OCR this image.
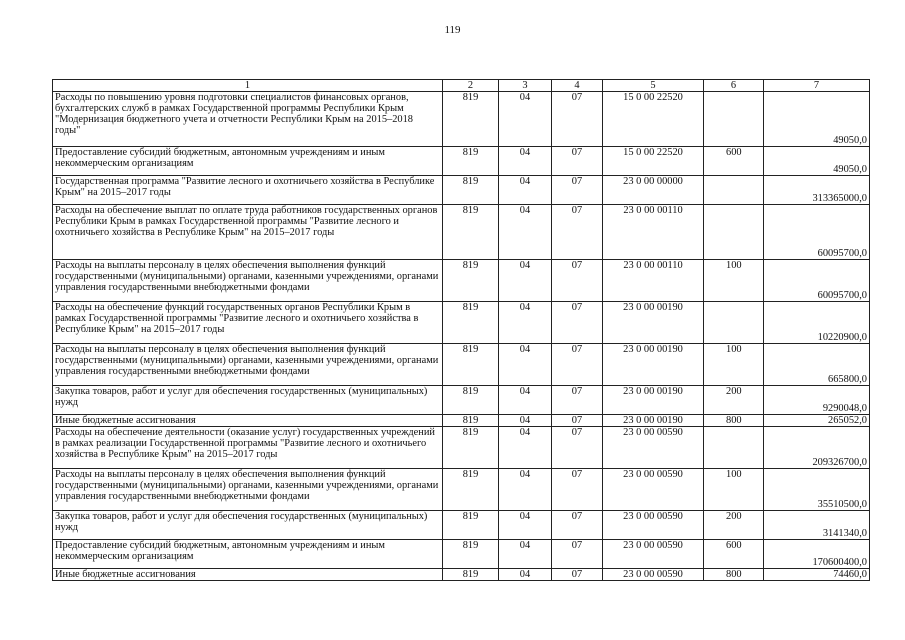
119
1	2	3	4	5	6	7
Расходы по повышению уровня подготовки специалистов финансовых органов, бухгалтерских служб в рамках Государственной программы Республики Крым "Модернизация бюджетного учета и отчетности Республики Крым на 2015–2018 годы"	819	04	07	15 0 00 22520		49050,0
Предоставление субсидий бюджетным, автономным учреждениям и иным некоммерческим организациям	819	04	07	15 0 00 22520	600	49050,0
Государственная программа "Развитие лесного и охотничьего хозяйства в Республике Крым" на 2015–2017 годы	819	04	07	23 0 00 00000		313365000,0
Расходы на обеспечение выплат по оплате труда работников государственных органов Республики Крым в рамках Государственной программы "Развитие лесного и охотничьего хозяйства в Республике Крым" на 2015–2017 годы	819	04	07	23 0 00 00110		60095700,0
Расходы на выплаты персоналу в целях обеспечения выполнения функций государственными (муниципальными) органами, казенными учреждениями, органами управления государственными внебюджетными фондами	819	04	07	23 0 00 00110	100	60095700,0
Расходы на обеспечение функций государственных органов Республики Крым в рамках Государственной программы "Развитие лесного и охотничьего хозяйства в Республике Крым" на 2015–2017 годы	819	04	07	23 0 00 00190		10220900,0
Расходы на выплаты персоналу в целях обеспечения выполнения функций государственными (муниципальными) органами, казенными учреждениями, органами управления государственными внебюджетными фондами	819	04	07	23 0 00 00190	100	665800,0
Закупка товаров, работ и услуг для обеспечения государственных (муниципальных) нужд	819	04	07	23 0 00 00190	200	9290048,0
Иные бюджетные ассигнования	819	04	07	23 0 00 00190	800	265052,0
Расходы на обеспечение деятельности (оказание услуг) государственных учреждений в рамках реализации Государственной программы "Развитие лесного и охотничьего хозяйства в Республике Крым" на 2015–2017 годы	819	04	07	23 0 00 00590		209326700,0
Расходы на выплаты персоналу в целях обеспечения выполнения функций государственными (муниципальными) органами, казенными учреждениями, органами управления государственными внебюджетными фондами	819	04	07	23 0 00 00590	100	35510500,0
Закупка товаров, работ и услуг для обеспечения государственных (муниципальных) нужд	819	04	07	23 0 00 00590	200	3141340,0
Предоставление субсидий бюджетным, автономным учреждениям и иным некоммерческим организациям	819	04	07	23 0 00 00590	600	170600400,0
Иные бюджетные ассигнования	819	04	07	23 0 00 00590	800	74460,0
